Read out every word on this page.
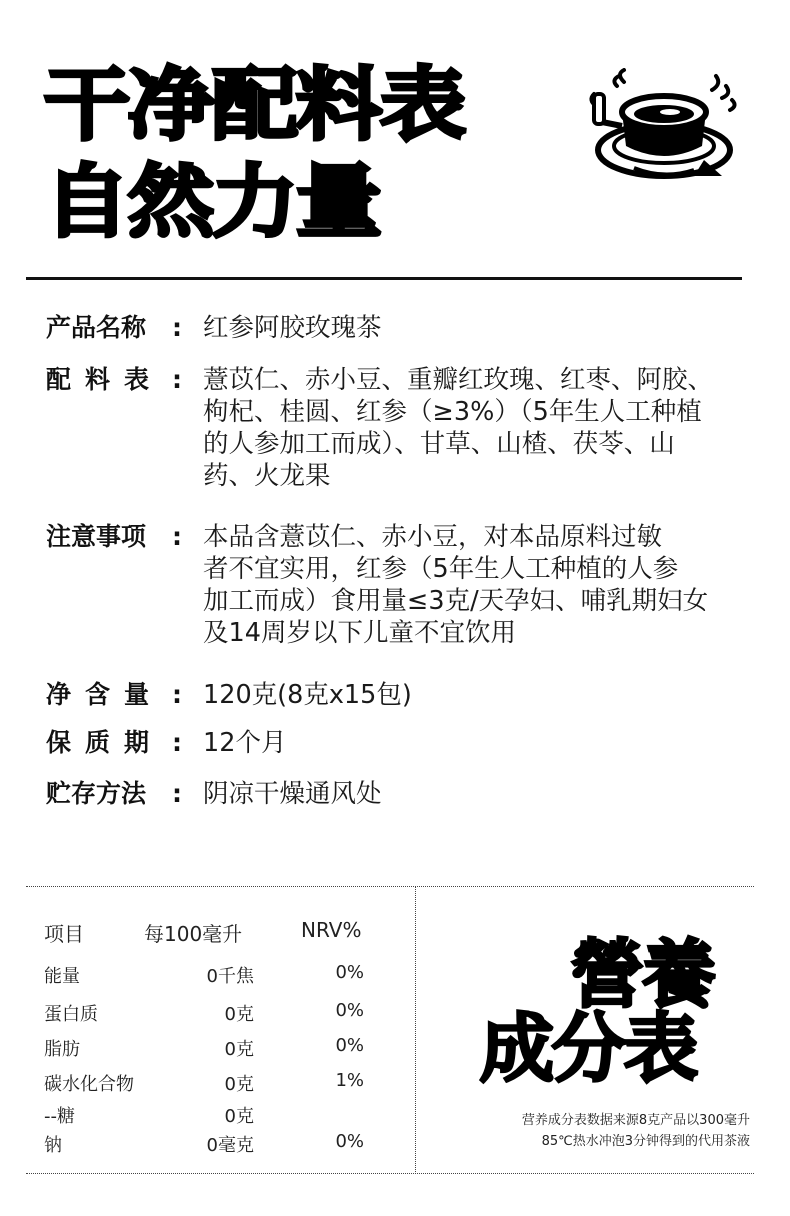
干净配料表
自然力量
产品名称 : 红参阿胶玫瑰茶
配料表 : 薏苡仁、赤小豆、重瓣红玫瑰、红枣、阿胶、
枸杞、桂圆、红参（≥3%）（5年生人工种植
的人参加工而成）、甘草、山楂、茯苓、山
药、火龙果
注意事项 : 本品含薏苡仁、赤小豆，对本品原料过敏
者不宜实用，红参（5年生人工种植的人参
加工而成）食用量≤3克/天孕妇、哺乳期妇女
及14周岁以下儿童不宜饮用
净含量 : 120克(8克x15包)
保质期 : 12个月
贮存方法 : 阴凉干燥通风处
项目	每100毫升	NRV%
能量	0千焦	0%
蛋白质	0克	0%
脂肪	0克	0%
碳水化合物	0克	1%
--糖	0克
钠	0毫克	0%
營養
成分表
营养成分表数据来源8克产品以300毫升
85℃热水冲泡3分钟得到的代用茶液
